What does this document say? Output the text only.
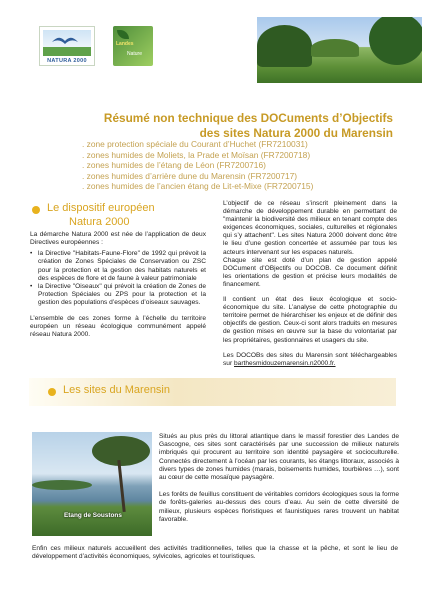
NATURA 2000
Landes
Nature
Résumé non technique des DOCuments d’Objectifs
des sites Natura 2000 du Marensin
. zone protection spéciale du Courant d’Huchet (FR7210031)
. zones humides de Moliets, la Prade et Moïsan (FR7200718)
. zones humides de l’étang de Léon (FR7200716)
. zones humides d’arrière dune du Marensin (FR7200717)
. zones humides de l’ancien étang de Lit-et-Mixe (FR7200715)
Le dispositif européen
Natura 2000

La démarche Natura 2000 est née de l’application de deux Directives européennes :

• la Directive "Habitats-Faune-Flore" de 1992 qui prévoit la création de Zones Spéciales de Conservation ou ZSC pour la protection et la gestion des habitats naturels et des espèces de flore et de faune à valeur patrimoniale
• la Directive "Oiseaux" qui prévoit la création de Zones de Protection Spéciales ou ZPS pour la protection et la gestion des populations d’espèces d’oiseaux sauvages.

L’ensemble de ces zones forme à l’échelle du territoire européen un réseau écologique communément appelé réseau Natura 2000.

L’objectif de ce réseau s’inscrit pleinement dans la démarche de développement durable en permettant de "maintenir la biodiversité des milieux en tenant compte des exigences économiques, sociales, culturelles et régionales qui s’y attachent". Les sites Natura 2000 doivent donc être le lieu d’une gestion concertée et assumée par tous les acteurs intervenant sur les espaces naturels.

Chaque site est doté d’un plan de gestion appelé DOCument d’OBjectifs ou DOCOB. Ce document définit les orientations de gestion et précise leurs modalités de financement.

Il contient un état des lieux écologique et socio-économique du site. L’analyse de cette photographie du territoire permet de hiérarchiser les enjeux et de définir des objectifs de gestion. Ceux-ci sont alors traduits en mesures de gestion mises en œuvre sur la base du volontariat par les propriétaires, gestionnaires et usagers du site.

Les DOCOBs des sites du Marensin sont téléchargeables sur barthesmidouzemarensin.n2000.fr.

Les sites du Marensin
Etang de Soustons

Situés au plus près du littoral atlantique dans le massif forestier des Landes de Gascogne, ces sites sont caractérisés par une succession de milieux naturels imbriqués qui procurent au territoire son identité paysagère et socioculturelle. Connectés directement à l’océan par les courants, les étangs littoraux, associés à divers types de zones humides (marais, boisements humides, tourbières …), sont au cœur de cette mosaïque paysagère.

Les forêts de feuillus constituent de véritables corridors écologiques sous la forme de forêts-galeries au-dessus des cours d’eau. Au sein de cette diversité de milieux, plusieurs espèces floristiques et faunistiques rares trouvent un habitat favorable.

Enfin ces milieux naturels accueillent des activités traditionnelles, telles que la chasse et la pêche, et sont le lieu de développement d’activités économiques, sylvicoles, agricoles et touristiques.
